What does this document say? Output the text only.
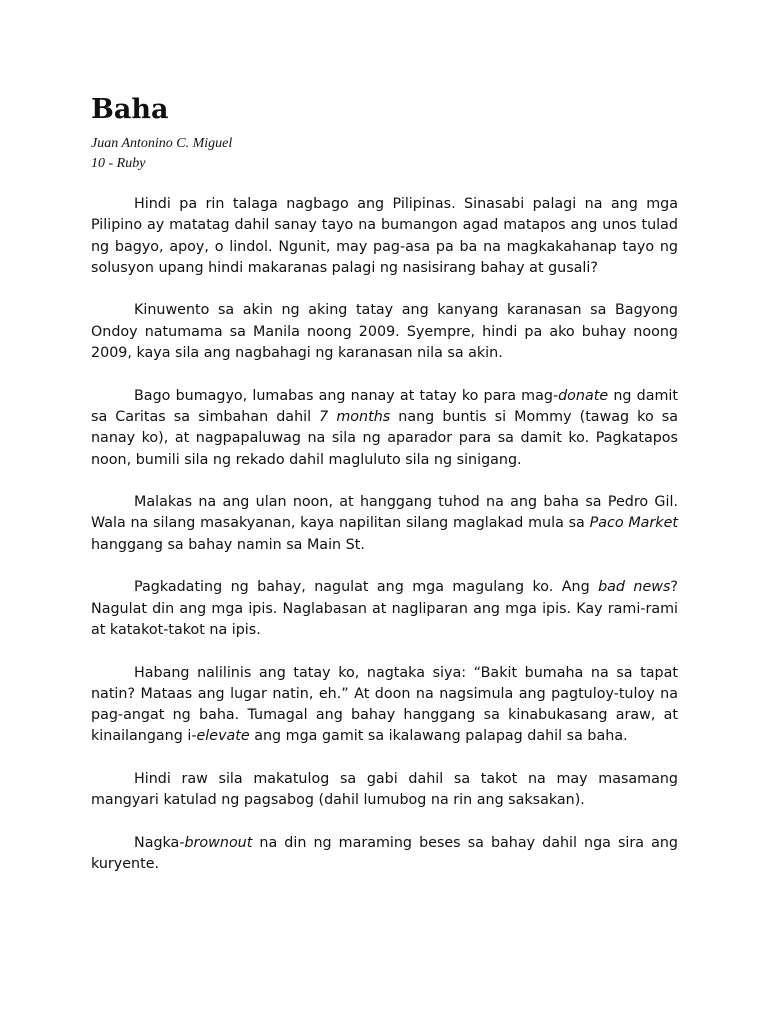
Baha
Juan Antonino C. Miguel
10 - Ruby

Hindi pa rin talaga nagbago ang Pilipinas. Sinasabi palagi na ang mga Pilipino ay matatag dahil sanay tayo na bumangon agad matapos ang unos tulad ng bagyo, apoy, o lindol. Ngunit, may pag-asa pa ba na magkakahanap tayo ng solusyon upang hindi makaranas palagi ng nasisirang bahay at gusali?

Kinuwento sa akin ng aking tatay ang kanyang karanasan sa Bagyong Ondoy natumama sa Manila noong 2009. Syempre, hindi pa ako buhay noong 2009, kaya sila ang nagbahagi ng karanasan nila sa akin.

Bago bumagyo, lumabas ang nanay at tatay ko para mag-donate ng damit sa Caritas sa simbahan dahil 7 months nang buntis si Mommy (tawag ko sa nanay ko), at nagpapaluwag na sila ng aparador para sa damit ko. Pagkatapos noon, bumili sila ng rekado dahil magluluto sila ng sinigang.

Malakas na ang ulan noon, at hanggang tuhod na ang baha sa Pedro Gil. Wala na silang masakyanan, kaya napilitan silang maglakad mula sa Paco Market hanggang sa bahay namin sa Main St.

Pagkadating ng bahay, nagulat ang mga magulang ko. Ang bad news? Nagulat din ang mga ipis. Naglabasan at nagliparan ang mga ipis. Kay rami-rami at katakot-takot na ipis.

Habang nalilinis ang tatay ko, nagtaka siya: “Bakit bumaha na sa tapat natin? Mataas ang lugar natin, eh.” At doon na nagsimula ang pagtuloy-tuloy na pag-angat ng baha. Tumagal ang bahay hanggang sa kinabukasang araw, at kinailangang i-elevate ang mga gamit sa ikalawang palapag dahil sa baha.

Hindi raw sila makatulog sa gabi dahil sa takot na may masamang mangyari katulad ng pagsabog (dahil lumubog na rin ang saksakan).

Nagka-brownout na din ng maraming beses sa bahay dahil nga sira ang kuryente.
